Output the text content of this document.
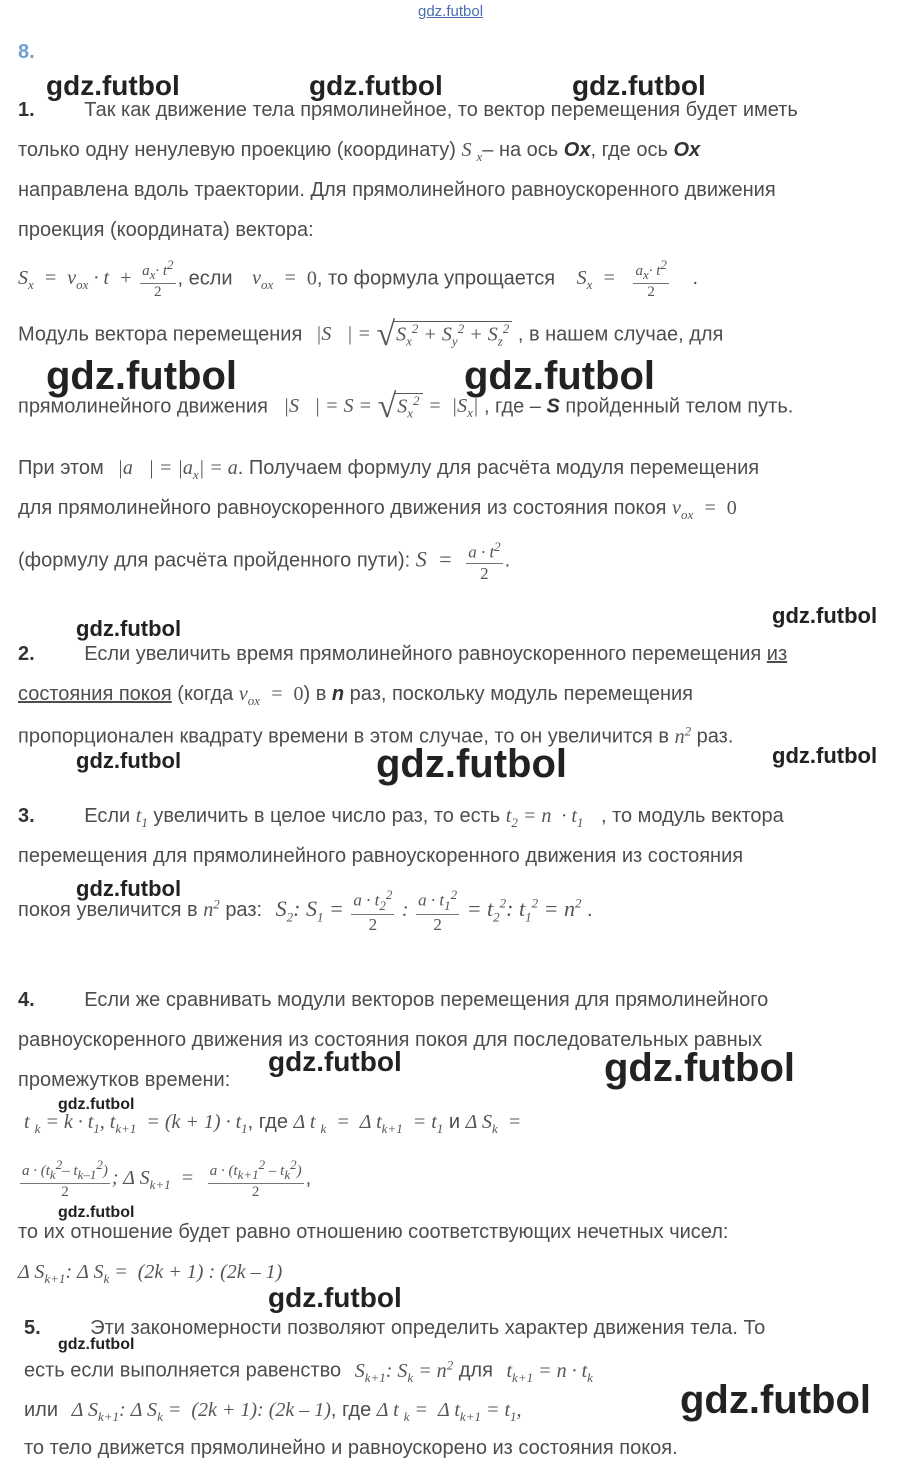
gdz.futbol
8.
gdz.futbol	gdz.futbol	gdz.futbol
gdz.futbol	gdz.futbol
gdz.futbol
gdz.futbol
gdz.futbol
gdz.futbol	gdz.futbol
gdz.futbol
gdz.futbol	gdz.futbol
gdz.futbol
gdz.futbol
gdz.futbol
gdz.futbol
gdz.futbol
1. Так как движение тела прямолинейное, то вектор перемещения будет иметь
только одну ненулевую проекцию (координату) S $_x$– на ось Ox, где ось Ox
направлена вдоль траектории. Для прямолинейного равноускоренного движения
проекция (координата) вектора:
$S_x = v_{ox} \cdot t + \frac{a_x\cdot t^2}{2}$ , если $v_{ox} = 0$, то формула упрощается $S_x = \frac{a_x\cdot t^2}{2}$ .
Модуль вектора перемещения |S⃗| = $√S_x^2 + S_y^2 + S_z^2$ , в нашем случае, для
прямолинейного движения |S⃗| = $S = √S_x^2 = |S_x|$ , где – S пройденный телом путь.
При этом |a⃗| = $|a_x| = a$. Получаем формулу для расчёта модуля перемещения
для прямолинейного равноускоренного движения из состояния покоя $v_{ox} = 0$
(формулу для расчёта пройденного пути): $S = \frac{a \cdot t^2}{2}$ .
2. Если увеличить время прямолинейного равноускоренного перемещения из
состояния покоя (когда $v_{ox} = 0$) в n раз, поскольку модуль перемещения
пропорционален квадрату времени в этом случае, то он увеличится в $n^2$ раз.
3. Если $t_1$ увеличить в целое число раз, то есть $t_2 = n \cdot t_1$ , то модуль вектора
перемещения для прямолинейного равноускоренного движения из состояния
покоя увеличится в $n^2$ раз: $S_2$: $S_1 = \frac{a \cdot t_2^2}{2}$ : $\frac{a \cdot t_1^2}{2} = t_2^2$: $t_1^2 = n^2$ .
4. Если же сравнивать модули векторов перемещения для прямолинейного
равноускоренного движения из состояния покоя для последовательных равных
промежутков времени:
t $_k = k \cdot t_1$, $t_{k+1} = (k + 1) \cdot t_1$, где Δ t $_k$  =  Δ $t_{k+1} = t_1$ и Δ $S_k$  =
$\frac{a \cdot (t_k^2- t_{k-1}^2)}{2}$ ; Δ $S_{k+1} = \frac{a \cdot (t_{k+1}^2 - t_k^2)}{2}$ ,
то их отношение будет равно отношению соответствующих нечетных чисел:
Δ $S_{k+1}$: Δ $S_k = (2k + 1)$ : (2k – 1)
5. Эти закономерности позволяют определить характер движения тела. То
есть если выполняется равенство $S_{k+1}$: $S_k = n^2$ для $t_{k+1} = n \cdot t_k$
или Δ $S_{k+1}$: Δ $S_k = (2k + 1)$: (2k – 1), где Δ t $_k$ =  Δ $t_{k+1} = t_1$,
то тело движется прямолинейно и равноускорено из состояния покоя.
